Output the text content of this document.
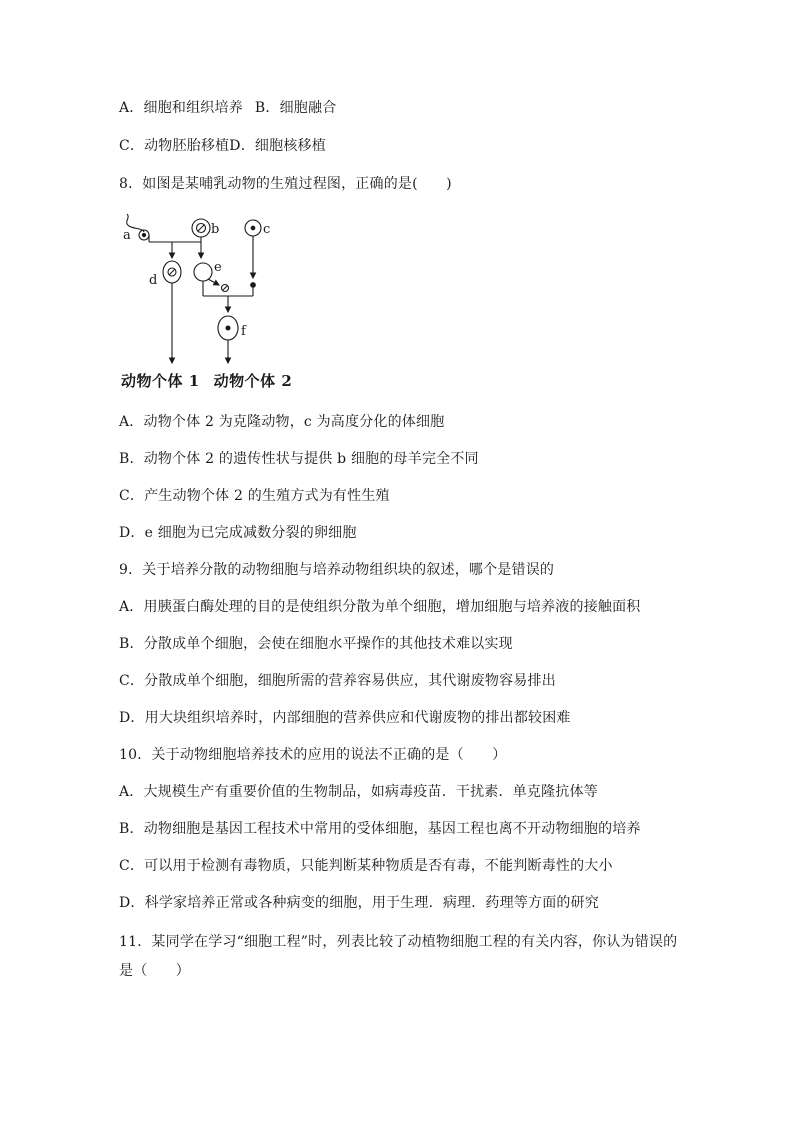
A．细胞和组织培养 B．细胞融合
C．动物胚胎移植D．细胞核移植
8．如图是某哺乳动物的生殖过程图，正确的是(　　)
a	b	c
d
e
f
动物个体 1 动物个体 2
A．动物个体 2 为克隆动物，c 为高度分化的体细胞
B．动物个体 2 的遗传性状与提供 b 细胞的母羊完全不同
C．产生动物个体 2 的生殖方式为有性生殖
D．e 细胞为已完成减数分裂的卵细胞
9．关于培养分散的动物细胞与培养动物组织块的叙述，哪个是错误的
A．用胰蛋白酶处理的目的是使组织分散为单个细胞，增加细胞与培养液的接触面积
B．分散成单个细胞，会使在细胞水平操作的其他技术难以实现
C．分散成单个细胞，细胞所需的营养容易供应，其代谢废物容易排出
D．用大块组织培养时，内部细胞的营养供应和代谢废物的排出都较困难
10．关于动物细胞培养技术的应用的说法不正确的是（　　）
A．大规模生产有重要价值的生物制品，如病毒疫苗．干扰素．单克隆抗体等
B．动物细胞是基因工程技术中常用的受体细胞，基因工程也离不开动物细胞的培养
C．可以用于检测有毒物质，只能判断某种物质是否有毒，不能判断毒性的大小
D．科学家培养正常或各种病变的细胞，用于生理．病理．药理等方面的研究
11．某同学在学习“细胞工程”时，列表比较了动植物细胞工程的有关内容，你认为错误的是（　　）
